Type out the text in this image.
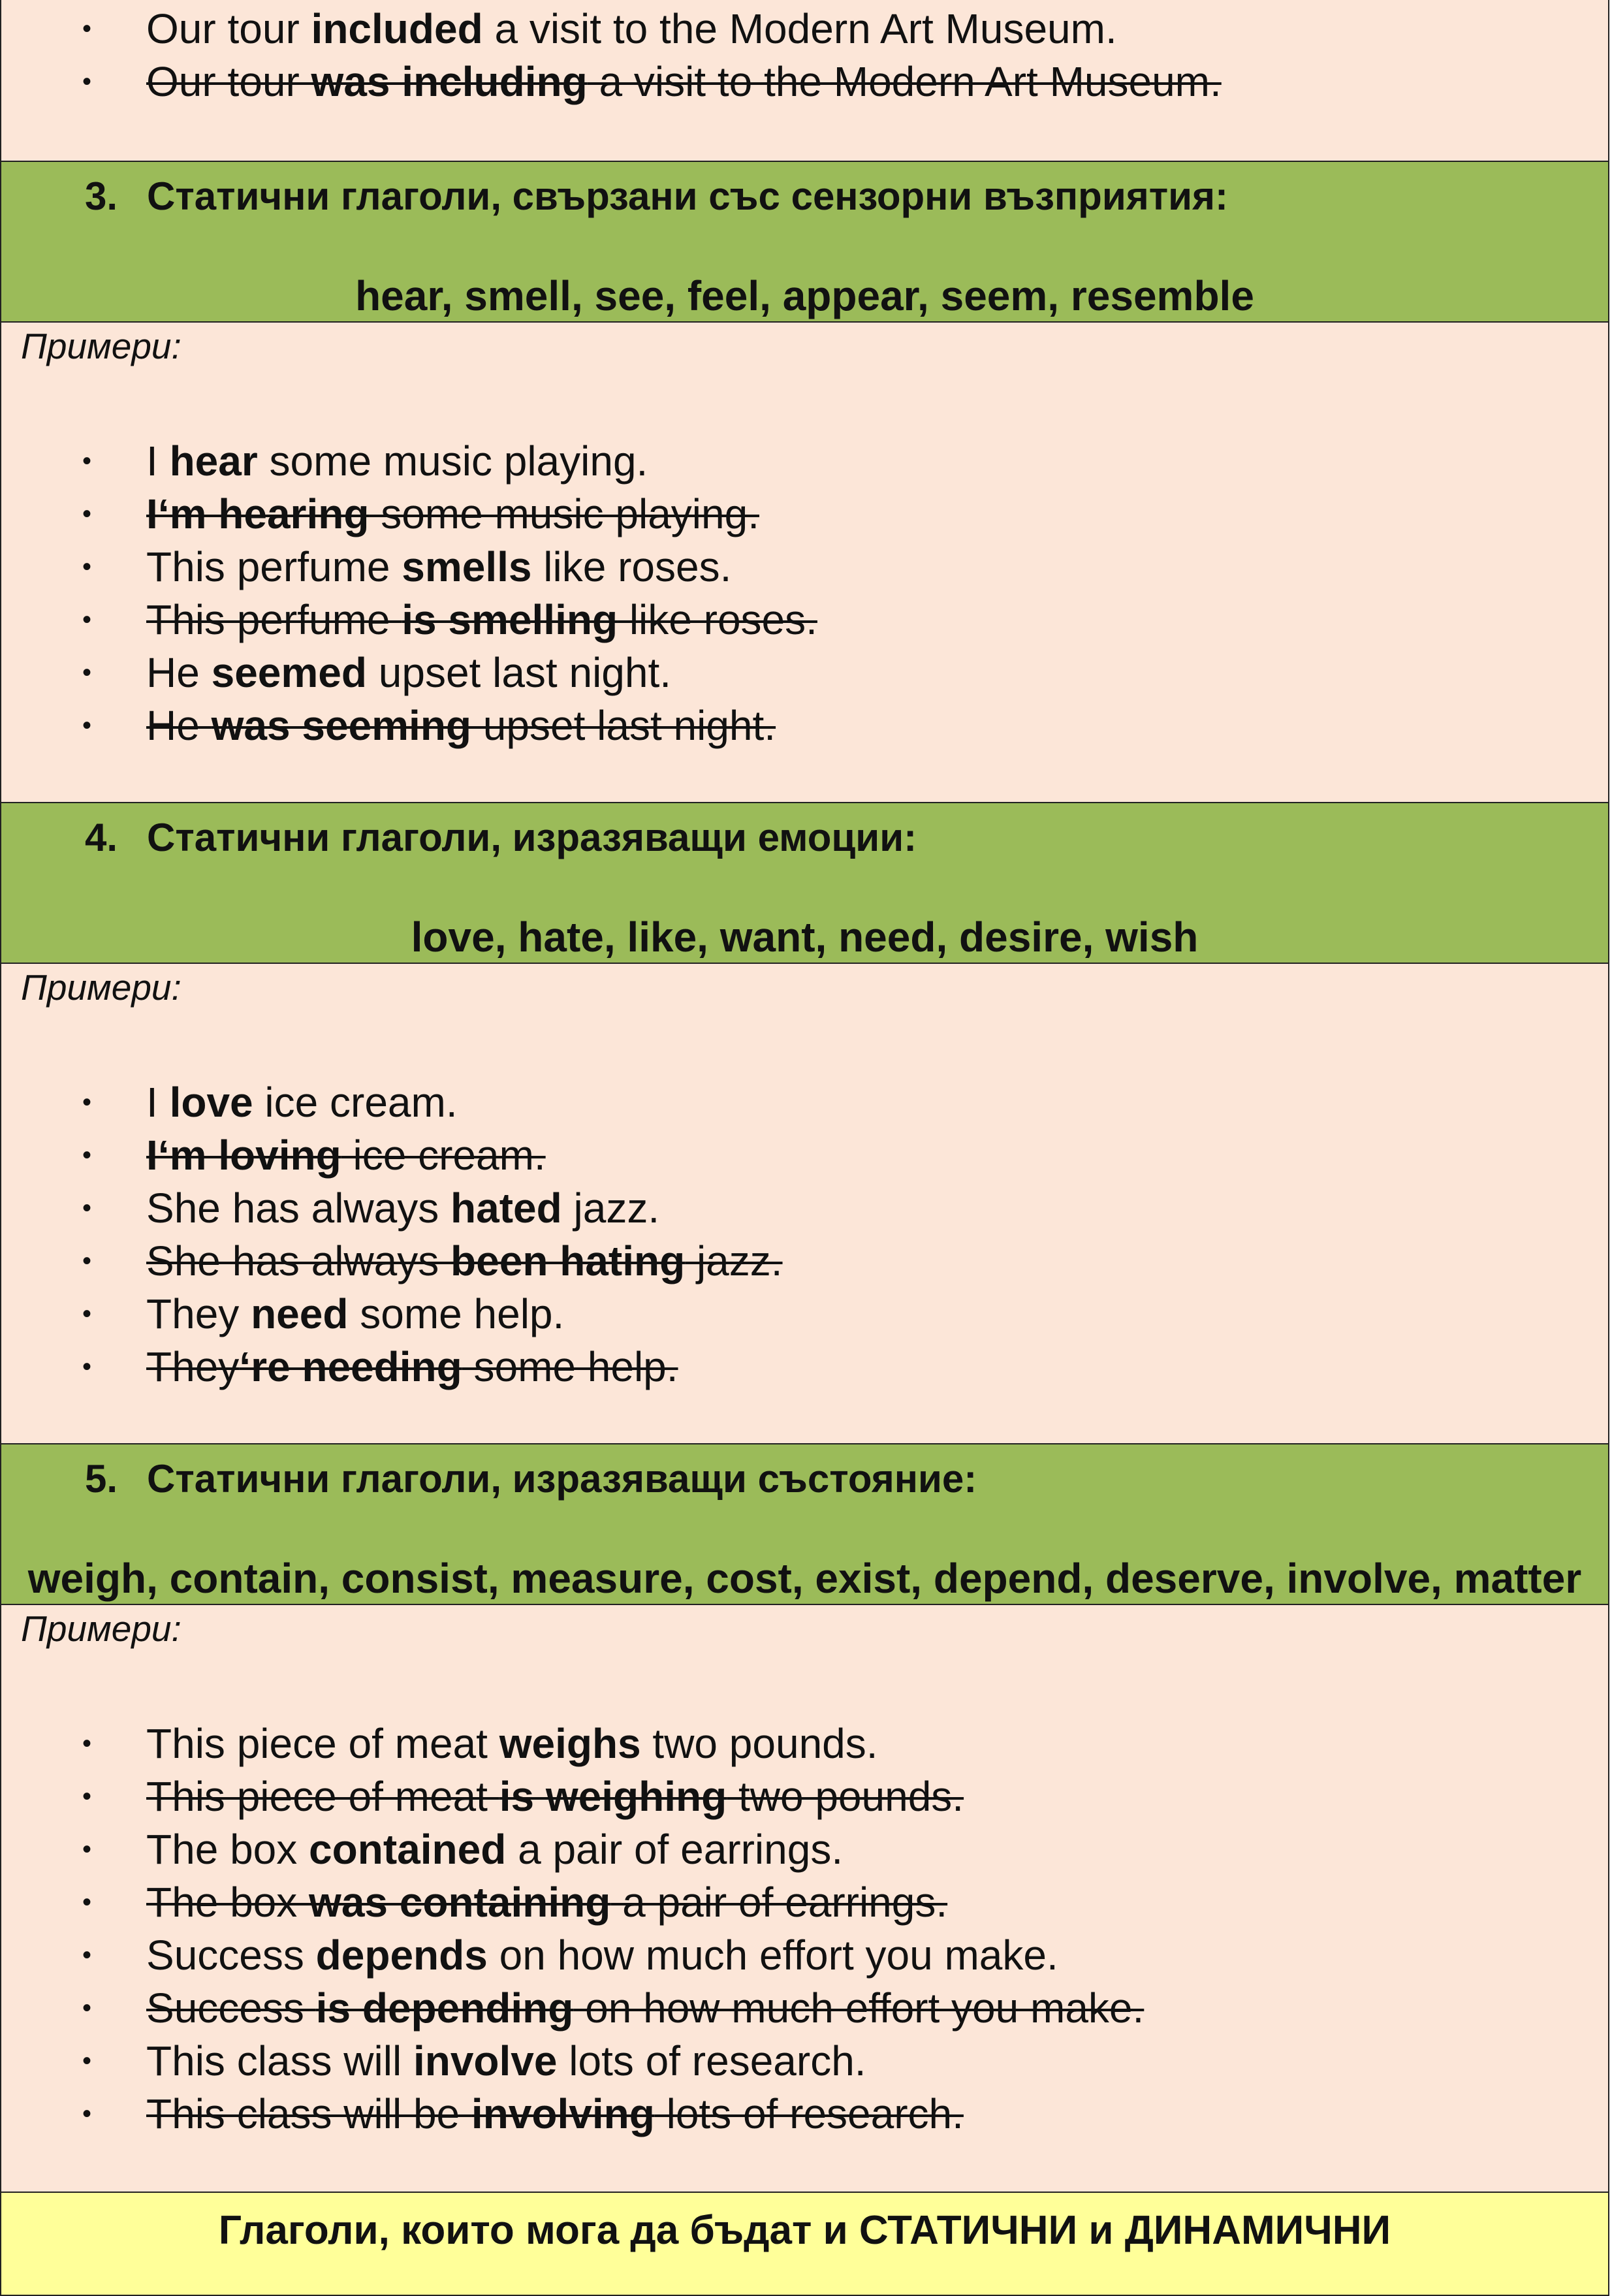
• Our tour included a visit to the Modern Art Museum.
• Our tour was including a visit to the Modern Art Museum.
3. Статични глаголи, свързани със сензорни възприятия:
hear, smell, see, feel, appear, seem, resemble
Примери:
• I hear some music playing.
• I‘m hearing some music playing.
• This perfume smells like roses.
• This perfume is smelling like roses.
• He seemed upset last night.
• He was seeming upset last night.
4. Статични глаголи, изразяващи емоции:
love, hate, like, want, need, desire, wish
Примери:
• I love ice cream.
• I‘m loving ice cream.
• She has always hated jazz.
• She has always been hating jazz.
• They need some help.
• They‘re needing some help.
5. Статични глаголи, изразяващи състояние:
weigh, contain, consist, measure, cost, exist, depend, deserve, involve, matter
Примери:
• This piece of meat weighs two pounds.
• This piece of meat is weighing two pounds.
• The box contained a pair of earrings.
• The box was containing a pair of earrings.
• Success depends on how much effort you make.
• Success is depending on how much effort you make.
• This class will involve lots of research.
• This class will be involving lots of research.
Глаголи, които мога да бъдат и СТАТИЧНИ и ДИНАМИЧНИ
